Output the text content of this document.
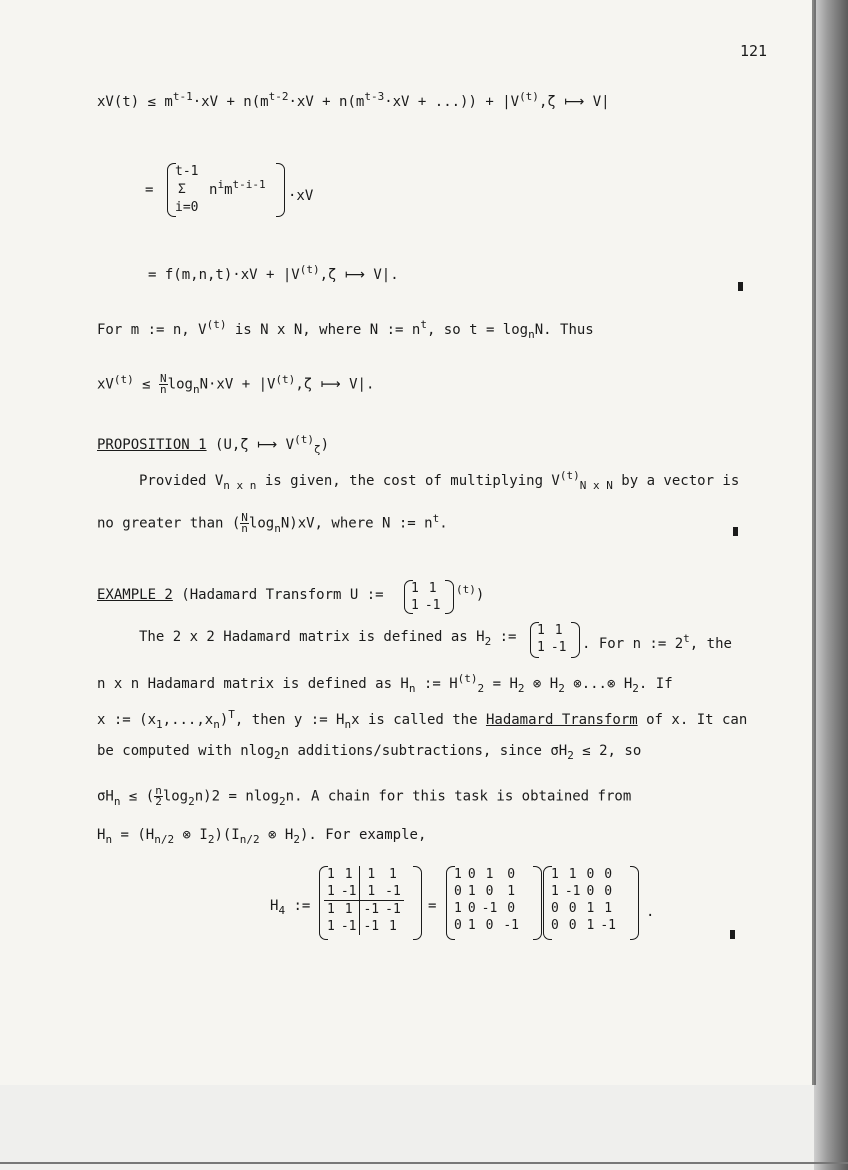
121
$xV(t) \le m^{t-1}\cdot xV + n(m^{t-2}\cdot xV + n(m^{t-3}\cdot xV$ + ...)) + $|V^{(t)},\zeta$ ⟼ V|
=
t-1
Σ
i=0
$n^im^{t-i-1}$
·xV
= $f(m,n,t)\cdot xV + |V^{(t)},\zeta$ ⟼ V|.
For m := n, $V^{(t)}$ is N x N, where N := $n^t$, so $t = \log_nN$. Thus
$xV^{(t)} \le \frac{N}{n} \log_nN\cdot xV + |V^{(t)},\zeta$ ⟼ V|.
PROPOSITION 1 (U,ζ ⟼ $V^{(t)}_\zeta$)
Provided $V_{n x n}$ is given, the cost of multiplying $V^{(t)}_{N x N}$ by a vector is
no greater than ( $\frac{N}{n} \log_nN)xV$, where N := $n^t$.
EXAMPLE 2 (Hadamard Transform U := 1	1
1	-1
$^{(t)}$)
The 2 x 2 Hadamard matrix is defined as $H_2$ := 1	1
1	-1 . For n := $2^t$, the
n x n Hadamard matrix is defined as $H_n$ := $H^{(t)}_2 = H_2$ ⊗ $H_2$ ⊗...⊗ $H_2$. If
x := $(x_1,...,x_n)^T$, then y := $H_nx$ is called the Hadamard Transform of x. It can
be computed with nlog$_2$n additions/subtractions, since $\sigma H_2 \le 2$, so
$\sigma H_n$ ≤ ( $\frac{n}{2} \log_2n)2 = nlog_2n$. A chain for this task is obtained from
$H_n = (H_{n/2}$ ⊗ $I_2)(I_{n/2}$ ⊗ $H_2$). For example,
$H_4$ :=
1	1	1	1
1	-1	1	-1
1	1	-1	-1
1	-1	-1	1
=
1	0	1	0
0	1	0	1
1	0	-1	0
0	1	0	-1
1	1	0	0
1	-1	0	0
0	0	1	1
0	0	1	-1
.
